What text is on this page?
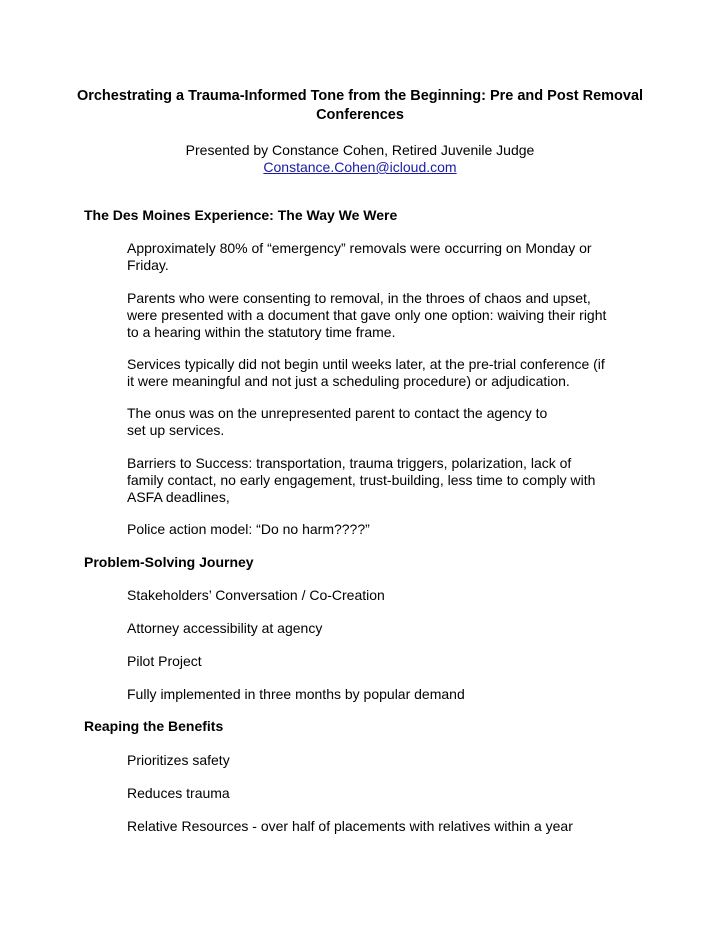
Orchestrating a Trauma-Informed Tone from the Beginning: Pre and Post Removal Conferences

Presented by Constance Cohen, Retired Juvenile Judge
Constance.Cohen@icloud.com

The Des Moines Experience: The Way We Were

Approximately 80% of “emergency” removals were occurring on Monday or Friday.

Parents who were consenting to removal, in the throes of chaos and upset, were presented with a document that gave only one option: waiving their right to a hearing within the statutory time frame.

Services typically did not begin until weeks later, at the pre-trial conference (if it were meaningful and not just a scheduling procedure) or adjudication.

The onus was on the unrepresented parent to contact the agency to set up services.

Barriers to Success: transportation, trauma triggers, polarization, lack of family contact, no early engagement, trust-building, less time to comply with ASFA deadlines,

Police action model: “Do no harm????”

Problem-Solving Journey

Stakeholders’ Conversation / Co-Creation

Attorney accessibility at agency

Pilot Project

Fully implemented in three months by popular demand

Reaping the Benefits

Prioritizes safety

Reduces trauma

Relative Resources - over half of placements with relatives within a year
